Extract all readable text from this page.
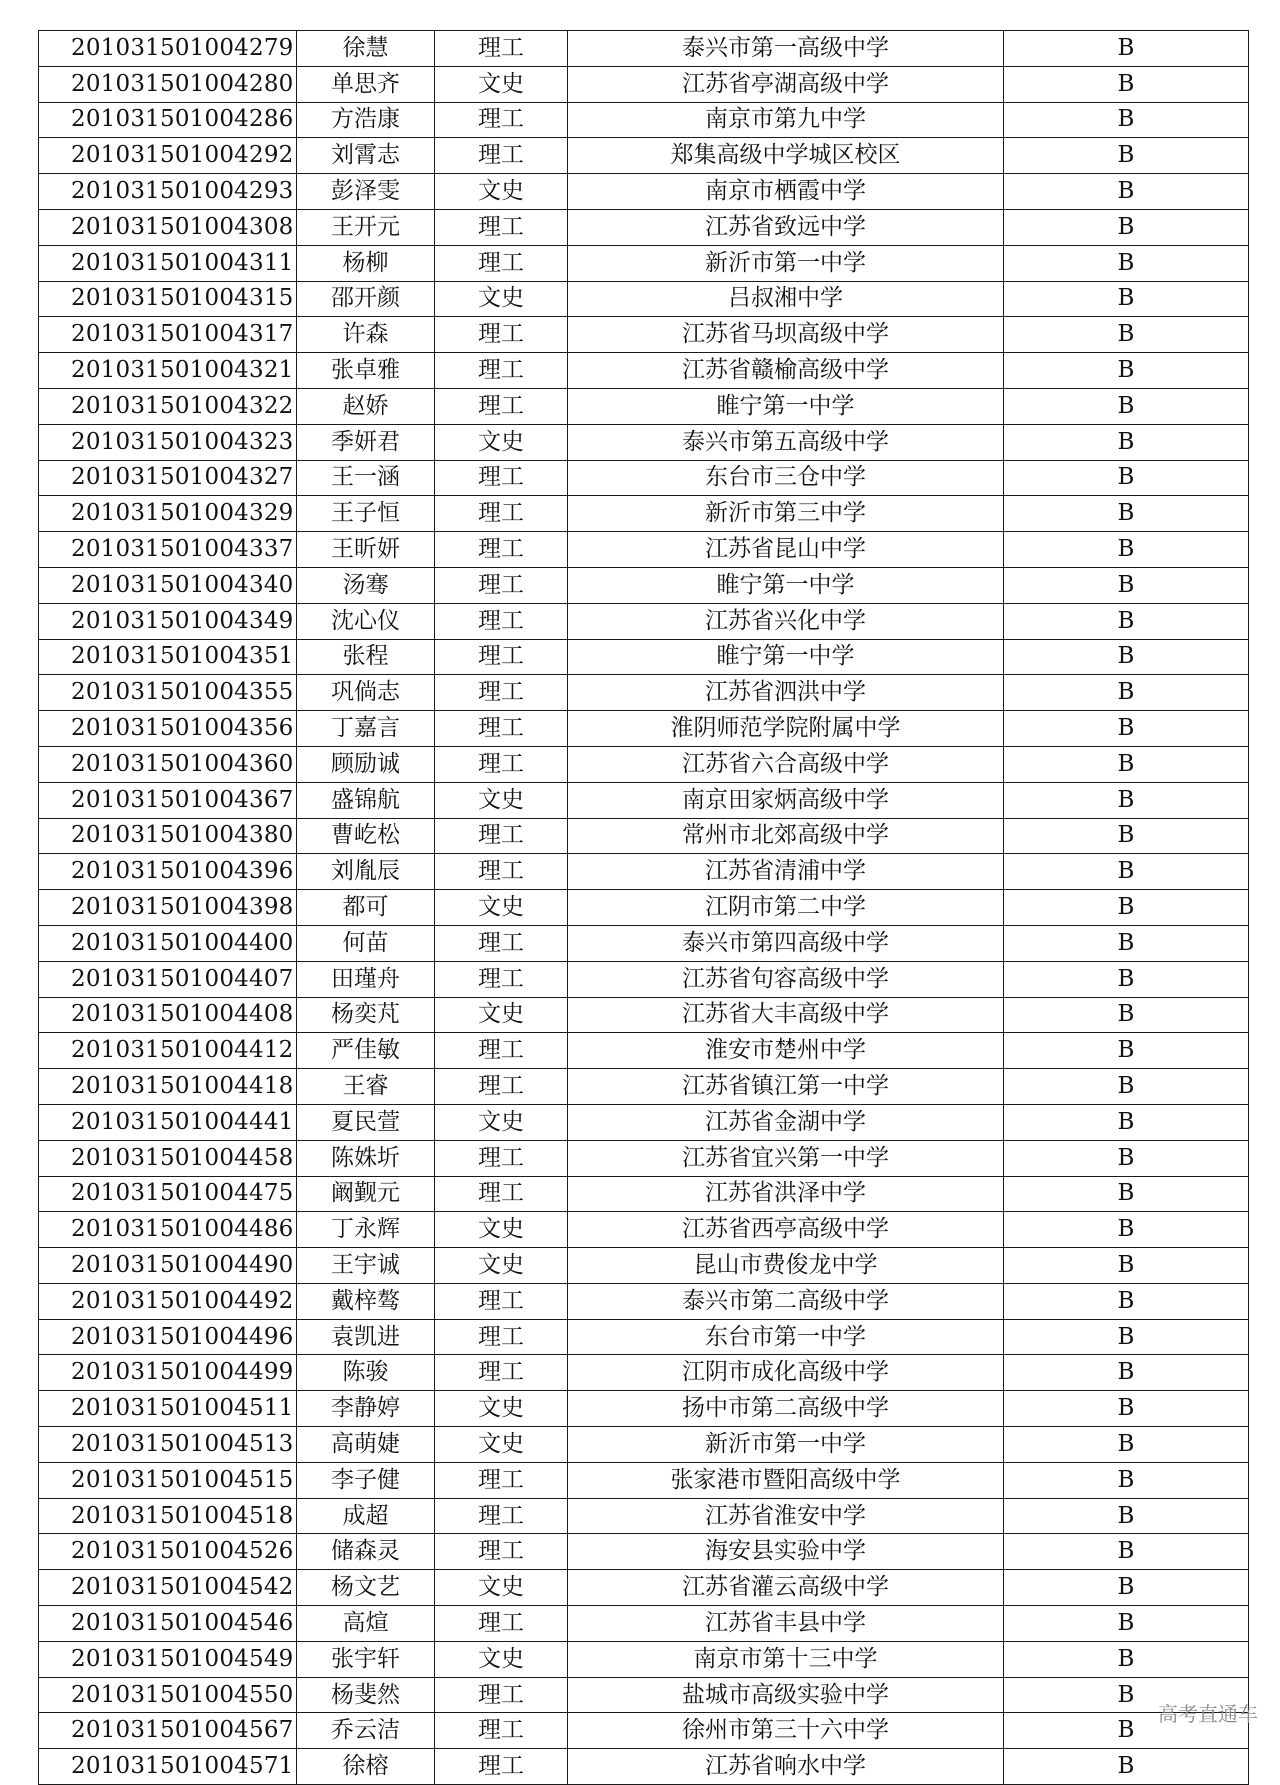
201031501004279	徐慧	理工	泰兴市第一高级中学	B
201031501004280	单思齐	文史	江苏省亭湖高级中学	B
201031501004286	方浩康	理工	南京市第九中学	B
201031501004292	刘霄志	理工	郑集高级中学城区校区	B
201031501004293	彭泽雯	文史	南京市栖霞中学	B
201031501004308	王开元	理工	江苏省致远中学	B
201031501004311	杨柳	理工	新沂市第一中学	B
201031501004315	邵开颜	文史	吕叔湘中学	B
201031501004317	许森	理工	江苏省马坝高级中学	B
201031501004321	张卓雅	理工	江苏省赣榆高级中学	B
201031501004322	赵娇	理工	睢宁第一中学	B
201031501004323	季妍君	文史	泰兴市第五高级中学	B
201031501004327	王一涵	理工	东台市三仓中学	B
201031501004329	王子恒	理工	新沂市第三中学	B
201031501004337	王昕妍	理工	江苏省昆山中学	B
201031501004340	汤骞	理工	睢宁第一中学	B
201031501004349	沈心仪	理工	江苏省兴化中学	B
201031501004351	张程	理工	睢宁第一中学	B
201031501004355	巩倘志	理工	江苏省泗洪中学	B
201031501004356	丁嘉言	理工	淮阴师范学院附属中学	B
201031501004360	顾励诚	理工	江苏省六合高级中学	B
201031501004367	盛锦航	文史	南京田家炳高级中学	B
201031501004380	曹屹松	理工	常州市北郊高级中学	B
201031501004396	刘胤辰	理工	江苏省清浦中学	B
201031501004398	都可	文史	江阴市第二中学	B
201031501004400	何苗	理工	泰兴市第四高级中学	B
201031501004407	田瑾舟	理工	江苏省句容高级中学	B
201031501004408	杨奕芃	文史	江苏省大丰高级中学	B
201031501004412	严佳敏	理工	淮安市楚州中学	B
201031501004418	王睿	理工	江苏省镇江第一中学	B
201031501004441	夏民萱	文史	江苏省金湖中学	B
201031501004458	陈姝圻	理工	江苏省宜兴第一中学	B
201031501004475	阚觐元	理工	江苏省洪泽中学	B
201031501004486	丁永辉	文史	江苏省西亭高级中学	B
201031501004490	王宇诚	文史	昆山市费俊龙中学	B
201031501004492	戴梓骜	理工	泰兴市第二高级中学	B
201031501004496	袁凯进	理工	东台市第一中学	B
201031501004499	陈骏	理工	江阴市成化高级中学	B
201031501004511	李静婷	文史	扬中市第二高级中学	B
201031501004513	高萌婕	文史	新沂市第一中学	B
201031501004515	李子健	理工	张家港市暨阳高级中学	B
201031501004518	成超	理工	江苏省淮安中学	B
201031501004526	储森灵	理工	海安县实验中学	B
201031501004542	杨文艺	文史	江苏省灌云高级中学	B
201031501004546	高煊	理工	江苏省丰县中学	B
201031501004549	张宇轩	文史	南京市第十三中学	B
201031501004550	杨斐然	理工	盐城市高级实验中学	B
201031501004567	乔云洁	理工	徐州市第三十六中学	B
201031501004571	徐榕	理工	江苏省响水中学	B
高考直通车
